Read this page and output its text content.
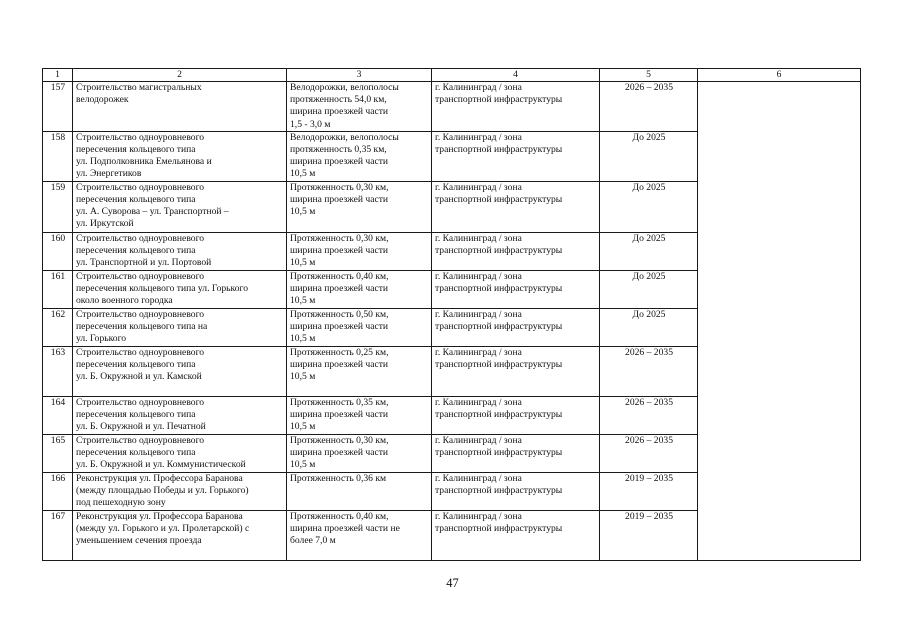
1	2	3	4	5	6
157	Строительство магистральных
велодорожек	Велодорожки, велополосы
протяженность 54,0 км,
ширина проезжей части
1,5 - 3,0 м	г. Калининград / зона
транспортной инфраструктуры	2026 – 2035	
158	Строительство одноуровневого
пересечения кольцевого типа
ул. Подполковника Емельянова и
ул. Энергетиков	Велодорожки, велополосы
протяженность 0,35 км,
ширина проезжей части
10,5 м	г. Калининград / зона
транспортной инфраструктуры	До 2025	
159	Строительство одноуровневого
пересечения кольцевого типа
ул. А. Суворова – ул. Транспортной –
ул. Иркутской	Протяженность 0,30 км,
ширина проезжей части
10,5 м	г. Калининград / зона
транспортной инфраструктуры	До 2025	
160	Строительство одноуровневого
пересечения кольцевого типа
ул. Транспортной и ул. Портовой	Протяженность 0,30 км,
ширина проезжей части
10,5 м	г. Калининград / зона
транспортной инфраструктуры	До 2025	
161	Строительство одноуровневого
пересечения кольцевого типа ул. Горького
около военного городка	Протяженность 0,40 км,
ширина проезжей части
10,5 м	г. Калининград / зона
транспортной инфраструктуры	До 2025	
162	Строительство одноуровневого
пересечения кольцевого типа на
ул. Горького	Протяженность 0,50 км,
ширина проезжей части
10,5 м	г. Калининград / зона
транспортной инфраструктуры	До 2025	
163	Строительство одноуровневого
пересечения кольцевого типа
ул. Б. Окружной и ул. Камской	Протяженность 0,25 км,
ширина проезжей части
10,5 м	г. Калининград / зона
транспортной инфраструктуры	2026 – 2035	
164	Строительство одноуровневого
пересечения кольцевого типа
ул. Б. Окружной и ул. Печатной	Протяженность 0,35 км,
ширина проезжей части
10,5 м	г. Калининград / зона
транспортной инфраструктуры	2026 – 2035	
165	Строительство одноуровневого
пересечения кольцевого типа
ул. Б. Окружной и ул. Коммунистической	Протяженность 0,30 км,
ширина проезжей части
10,5 м	г. Калининград / зона
транспортной инфраструктуры	2026 – 2035	
166	Реконструкция ул. Профессора Баранова
(между площадью Победы и ул. Горького)
под пешеходную зону	Протяженность 0,36 км	г. Калининград / зона
транспортной инфраструктуры	2019 – 2035	
167	Реконструкция ул. Профессора Баранова
(между ул. Горького и ул. Пролетарской) с
уменьшением сечения проезда	Протяженность 0,40 км,
ширина проезжей части не
более 7,0 м	г. Калининград / зона
транспортной инфраструктуры	2019 – 2035	
47
